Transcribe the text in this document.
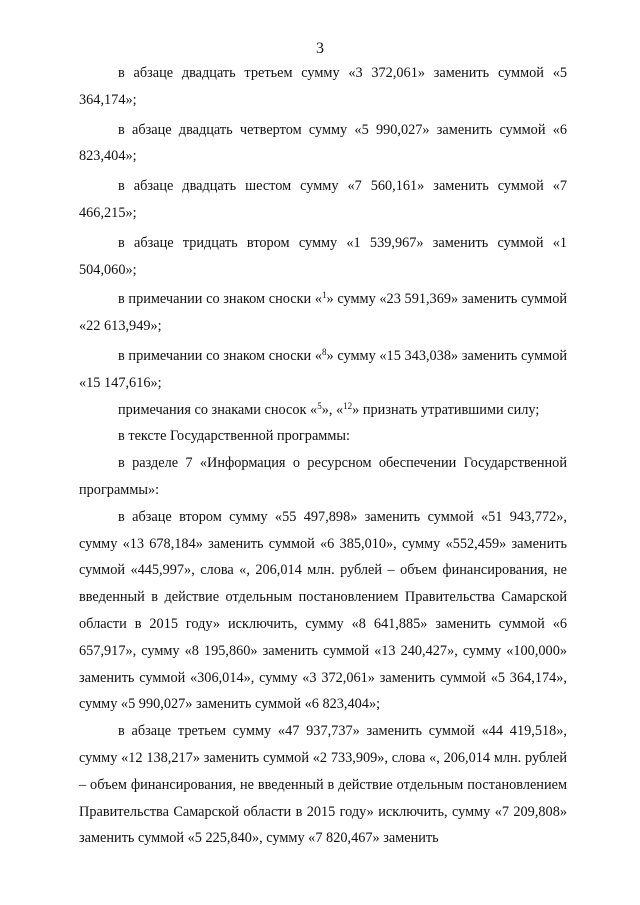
3

в абзаце двадцать третьем сумму «3 372,061» заменить суммой «5 364,174»;

в абзаце двадцать четвертом сумму «5 990,027» заменить суммой «6 823,404»;

в абзаце двадцать шестом сумму «7 560,161» заменить суммой «7 466,215»;

в абзаце тридцать втором сумму «1 539,967» заменить суммой «1 504,060»;

в примечании со знаком сноски «$^1$» сумму «23 591,369» заменить суммой «22 613,949»;

в примечании со знаком сноски «$^8$» сумму «15 343,038» заменить суммой «15 147,616»;

примечания со знаками сносок «$^5$», «$^{12}$» признать утратившими силу;

в тексте Государственной программы:

в разделе 7 «Информация о ресурсном обеспечении Государственной программы»:

в абзаце втором сумму «55 497,898» заменить суммой «51 943,772», сумму «13 678,184» заменить суммой «6 385,010», сумму «552,459» заменить суммой «445,997», слова «, 206,014 млн. рублей – объем финансирования, не введенный в действие отдельным постановлением Правительства Самарской области в 2015 году» исключить, сумму «8 641,885» заменить суммой «6 657,917», сумму «8 195,860» заменить суммой «13 240,427», сумму «100,000» заменить суммой «306,014», сумму «3 372,061» заменить суммой «5 364,174», сумму «5 990,027» заменить суммой «6 823,404»;

в абзаце третьем сумму «47 937,737» заменить суммой «44 419,518», сумму «12 138,217» заменить суммой «2 733,909», слова «, 206,014 млн. рублей – объем финансирования, не введенный в действие отдельным постановлением Правительства Самарской области в 2015 году» исключить, сумму «7 209,808» заменить суммой «5 225,840», сумму «7 820,467» заменить
